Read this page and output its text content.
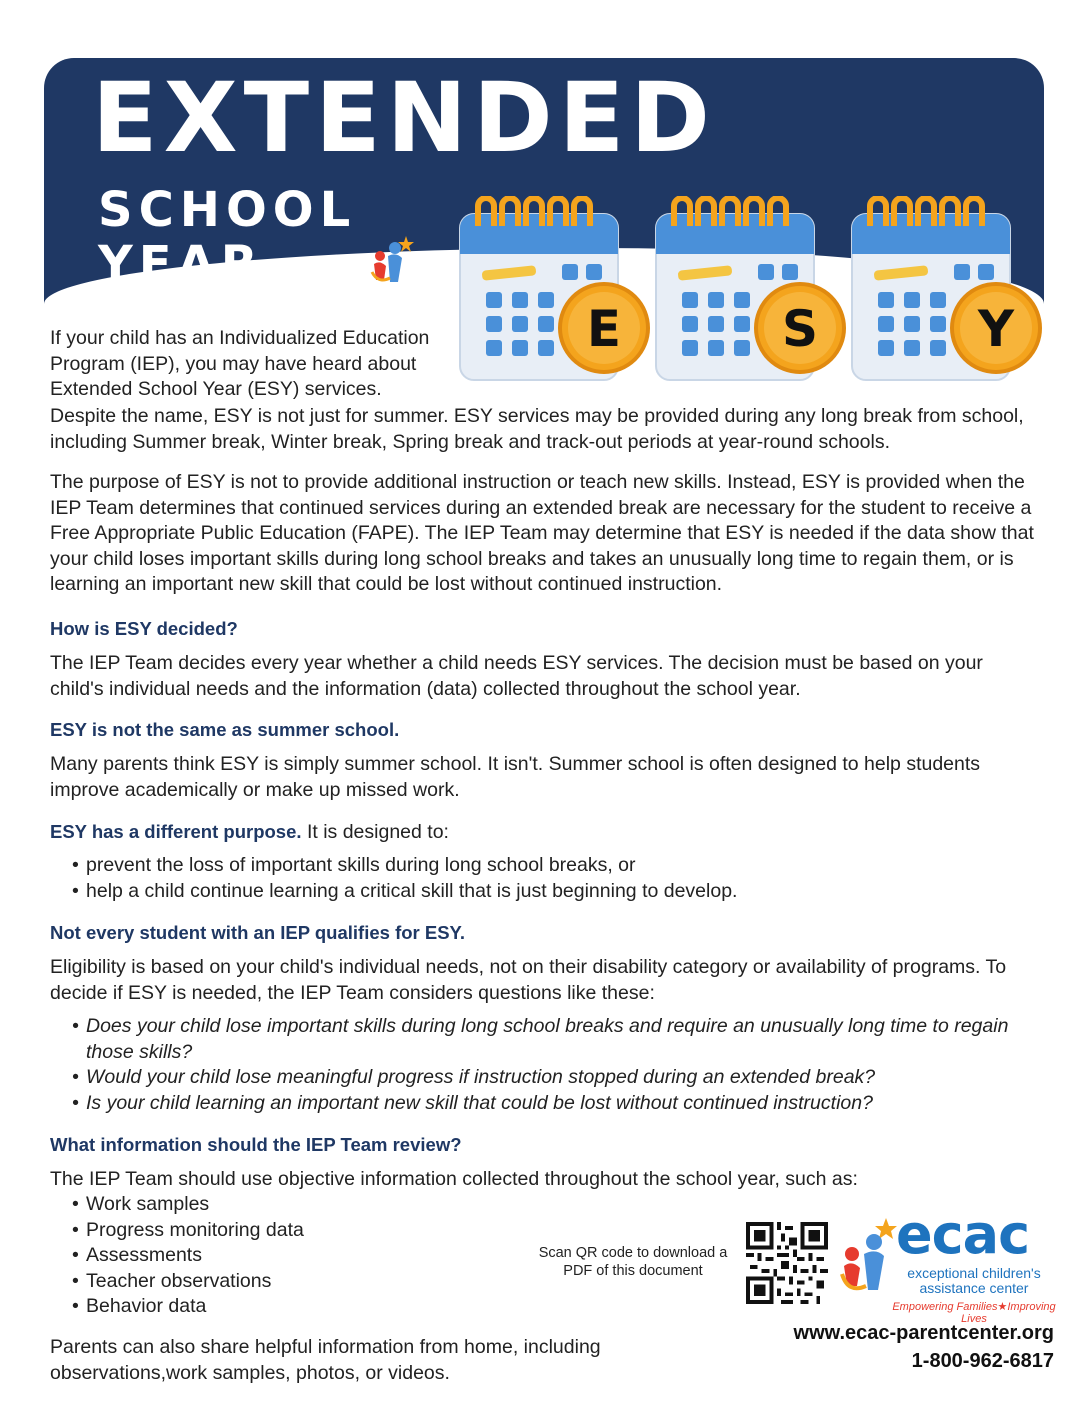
EXTENDED
SCHOOL
YEAR
E	S	Y
If your child has an Individualized Education Program (IEP), you may have heard about Extended School Year (ESY) services.
Despite the name, ESY is not just for summer. ESY services may be provided during any long break from school, including Summer break, Winter break, Spring break and track-out periods at year-round schools.
The purpose of ESY is not to provide additional instruction or teach new skills. Instead, ESY is provided when the IEP Team determines that continued services during an extended break are necessary for the student to receive a Free Appropriate Public Education (FAPE). The IEP Team may determine that ESY is needed if the data show that your child loses important skills during long school breaks and takes an unusually long time to regain them, or is learning an important new skill that could be lost without continued instruction.
How is ESY decided?
The IEP Team decides every year whether a child needs ESY services. The decision must be based on your child's individual needs and the information (data) collected throughout the school year.
ESY is not the same as summer school.
Many parents think ESY is simply summer school. It isn't. Summer school is often designed to help students improve academically or make up missed work.
ESY has a different purpose. It is designed to:
• prevent the loss of important skills during long school breaks, or
• help a child continue learning a critical skill that is just beginning to develop.
Not every student with an IEP qualifies for ESY.
Eligibility is based on your child's individual needs, not on their disability category or availability of programs. To decide if ESY is needed, the IEP Team considers questions like these:
• Does your child lose important skills during long school breaks and require an unusually long time to regain those skills?
• Would your child lose meaningful progress if instruction stopped during an extended break?
• Is your child learning an important new skill that could be lost without continued instruction?
What information should the IEP Team review?
The IEP Team should use objective information collected throughout the school year, such as:
• Work samples
• Progress monitoring data
• Assessments
• Teacher observations
• Behavior data
Parents can also share helpful information from home, including observations,work samples, photos, or videos.
Scan QR code to download a PDF of this document
ecac
exceptional children's
assistance center
Empowering Families★Improving Lives
www.ecac-parentcenter.org
1-800-962-6817
